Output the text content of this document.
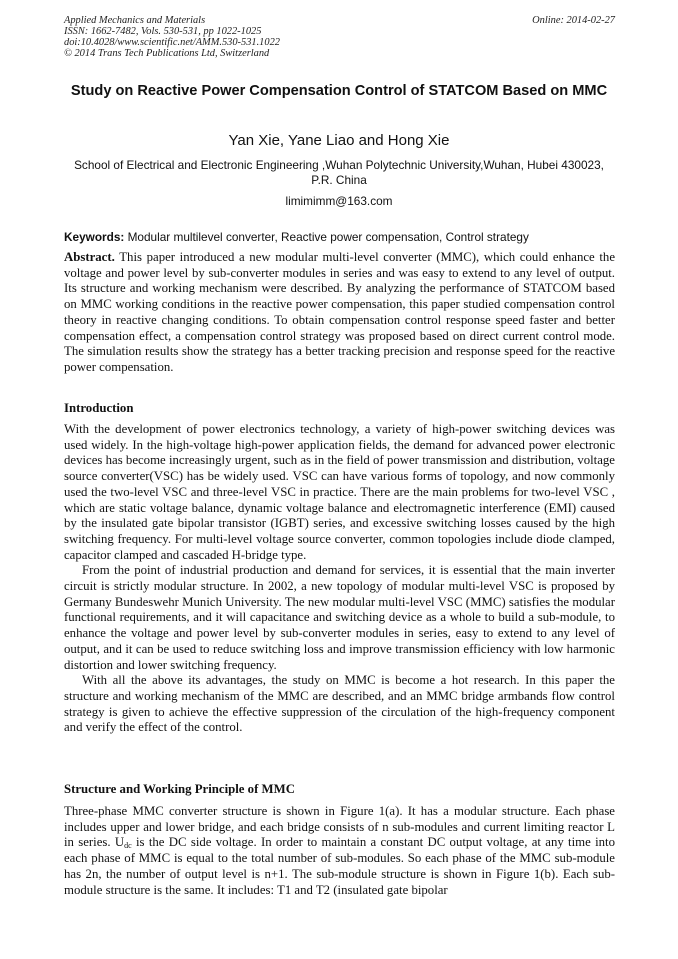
Applied Mechanics and Materials
ISSN: 1662-7482, Vols. 530-531, pp 1022-1025
doi:10.4028/www.scientific.net/AMM.530-531.1022
© 2014 Trans Tech Publications Ltd, Switzerland
Online: 2014-02-27
Study on Reactive Power Compensation Control of STATCOM Based on MMC
Yan Xie, Yane Liao and Hong Xie
School of Electrical and Electronic Engineering ,Wuhan Polytechnic University,Wuhan, Hubei 430023, P.R. China
limimimm@163.com
Keywords: Modular multilevel converter, Reactive power compensation, Control strategy
Abstract. This paper introduced a new modular multi-level converter (MMC), which could enhance the voltage and power level by sub-converter modules in series and was easy to extend to any level of output. Its structure and working mechanism were described. By analyzing the performance of STATCOM based on MMC working conditions in the reactive power compensation, this paper studied compensation control theory in reactive changing conditions. To obtain compensation control response speed faster and better compensation effect, a compensation control strategy was proposed based on direct current control mode. The simulation results show the strategy has a better tracking precision and response speed for the reactive power compensation.
Introduction

With the development of power electronics technology, a variety of high-power switching devices was used widely. In the high-voltage high-power application fields, the demand for advanced power electronic devices has become increasingly urgent, such as in the field of power transmission and distribution, voltage source converter(VSC) has be widely used. VSC can have various forms of topology, and now commonly used the two-level VSC and three-level VSC in practice. There are the main problems for two-level VSC , which are static voltage balance, dynamic voltage balance and electromagnetic interference (EMI) caused by the insulated gate bipolar transistor (IGBT) series, and excessive switching losses caused by the high switching frequency. For multi-level voltage source converter, common topologies include diode clamped, capacitor clamped and cascaded H-bridge type.

From the point of industrial production and demand for services, it is essential that the main inverter circuit is strictly modular structure. In 2002, a new topology of modular multi-level VSC is proposed by Germany Bundeswehr Munich University. The new modular multi-level VSC (MMC) satisfies the modular functional requirements, and it will capacitance and switching device as a whole to build a sub-module, to enhance the voltage and power level by sub-converter modules in series, easy to extend to any level of output, and it can be used to reduce switching loss and improve transmission efficiency with low harmonic distortion and lower switching frequency.

With all the above its advantages, the study on MMC is become a hot research. In this paper the structure and working mechanism of the MMC are described, and an MMC bridge armbands flow control strategy is given to achieve the effective suppression of the circulation of the high-frequency component and verify the effect of the control.

Structure and Working Principle of MMC

Three-phase MMC converter structure is shown in Figure 1(a). It has a modular structure. Each phase includes upper and lower bridge, and each bridge consists of n sub-modules and current limiting reactor L in series. $U_{dc}$ is the DC side voltage. In order to maintain a constant DC output voltage, at any time into each phase of MMC is equal to the total number of sub-modules. So each phase of the MMC sub-module has 2n, the number of output level is n+1. The sub-module structure is shown in Figure 1(b). Each sub-module structure is the same. It includes: T1 and T2 (insulated gate bipolar
